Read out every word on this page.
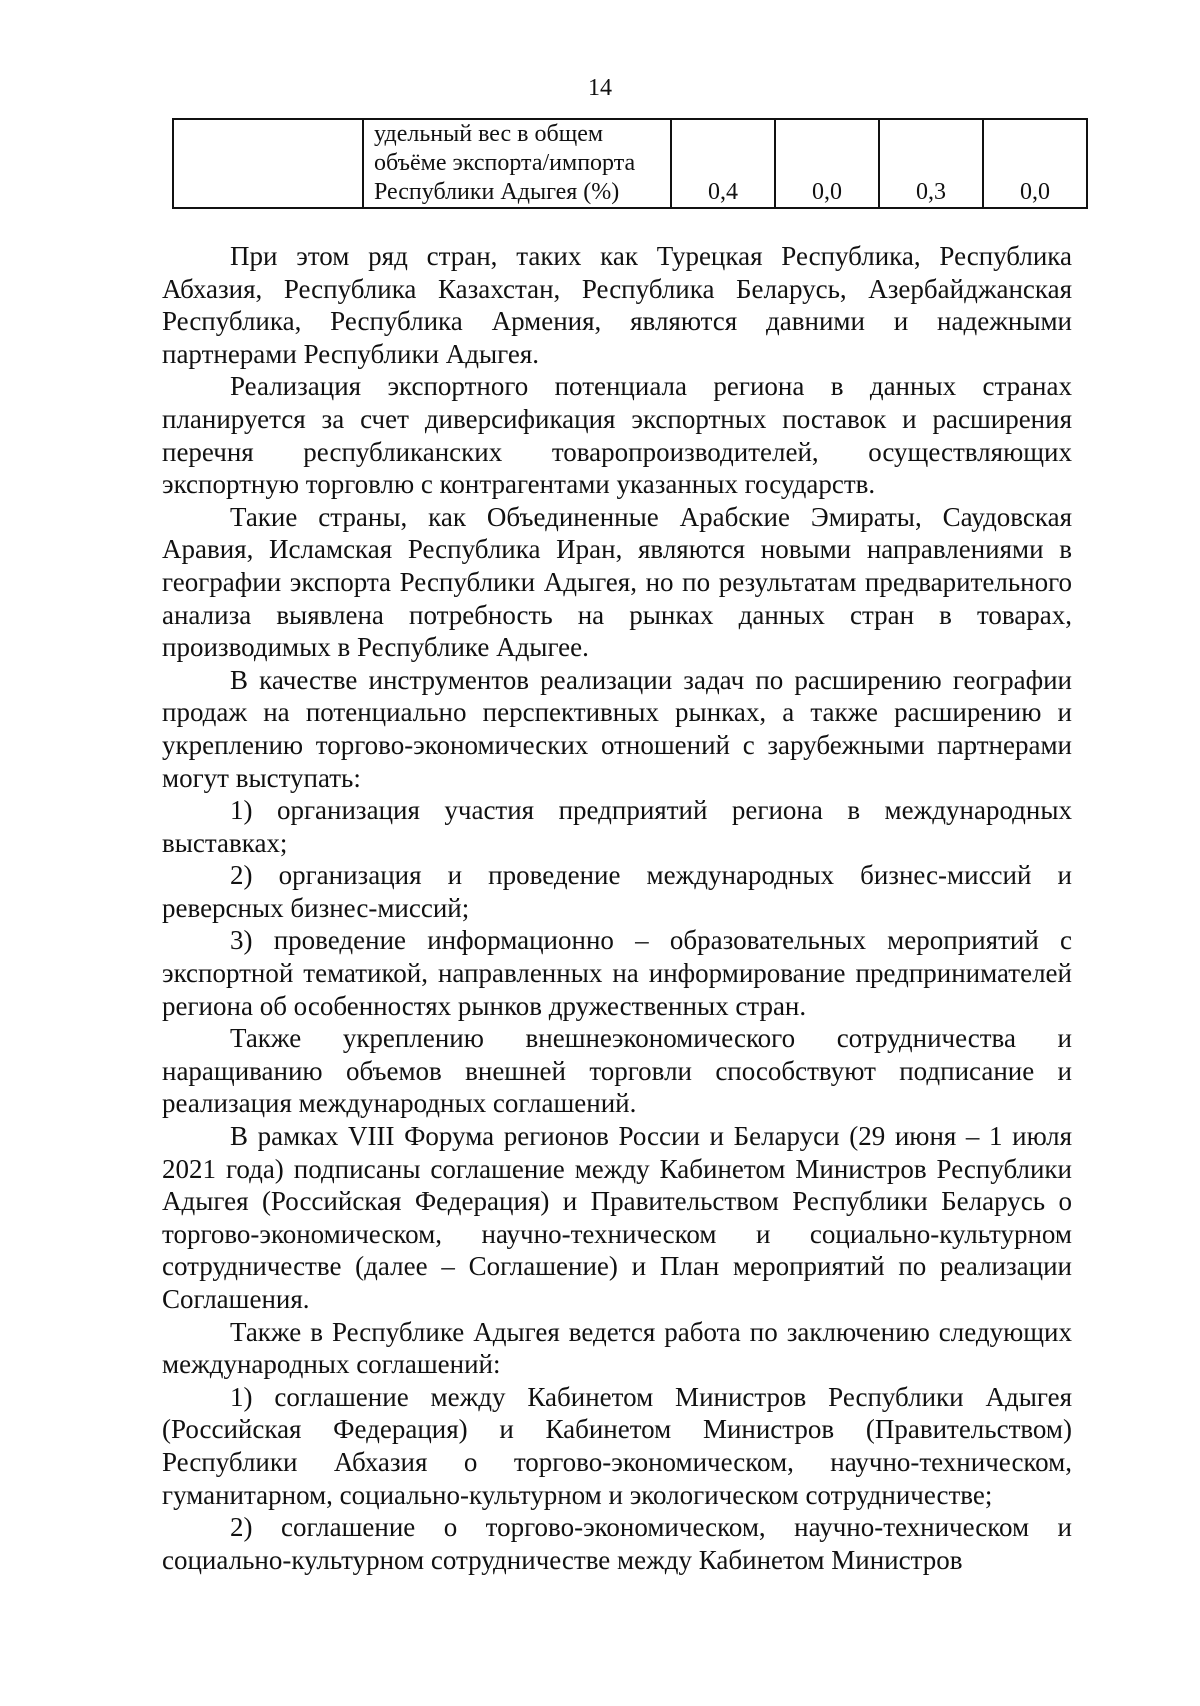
14
	удельный вес в общем объёме экспорта/импорта Республики Адыгея (%)	0,4	0,0	0,3	0,0

При этом ряд стран, таких как Турецкая Республика, Республика Абхазия, Республика Казахстан, Республика Беларусь, Азербайджанская Республика, Республика Армения, являются давними и надежными партнерами Республики Адыгея.

Реализация экспортного потенциала региона в данных странах планируется за счет диверсификация экспортных поставок и расширения перечня республиканских товаропроизводителей, осуществляющих экспортную торговлю с контрагентами указанных государств.

Такие страны, как Объединенные Арабские Эмираты, Саудовская Аравия, Исламская Республика Иран, являются новыми направлениями в географии экспорта Республики Адыгея, но по результатам предварительного анализа выявлена потребность на рынках данных стран в товарах, производимых в Республике Адыгее.

В качестве инструментов реализации задач по расширению географии продаж на потенциально перспективных рынках, а также расширению и укреплению торгово-экономических отношений с зарубежными партнерами могут выступать:

1) организация участия предприятий региона в международных выставках;

2) организация и проведение международных бизнес-миссий и реверсных бизнес-миссий;

3) проведение информационно – образовательных мероприятий с экспортной тематикой, направленных на информирование предпринимателей региона об особенностях рынков дружественных стран.

Также укреплению внешнеэкономического сотрудничества и наращиванию объемов внешней торговли способствуют подписание и реализация международных соглашений.

В рамках VIII Форума регионов России и Беларуси (29 июня – 1 июля 2021 года) подписаны соглашение между Кабинетом Министров Республики Адыгея (Российская Федерация) и Правительством Республики Беларусь о торгово-экономическом, научно-техническом и социально-культурном сотрудничестве (далее – Соглашение) и План мероприятий по реализации Соглашения.

Также в Республике Адыгея ведется работа по заключению следующих международных соглашений:

1) соглашение между Кабинетом Министров Республики Адыгея (Российская Федерация) и Кабинетом Министров (Правительством) Республики Абхазия о торгово-экономическом, научно-техническом, гуманитарном, социально-культурном и экологическом сотрудничестве;

2) соглашение о торгово-экономическом, научно-техническом и социально-культурном сотрудничестве между Кабинетом Министров
